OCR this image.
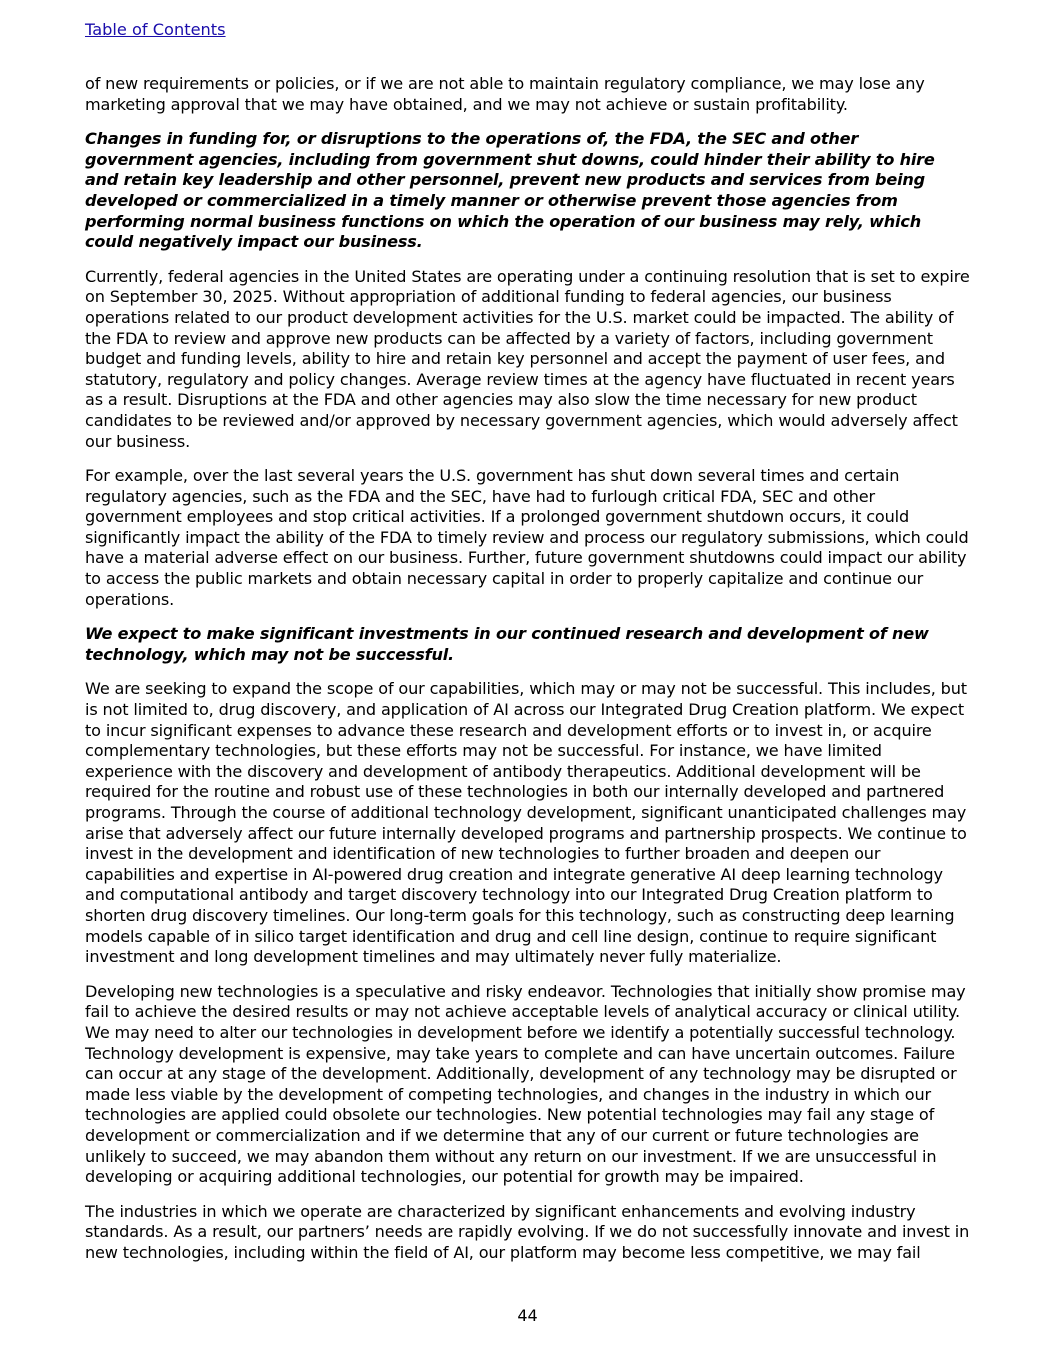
Table of Contents

of new requirements or policies, or if we are not able to maintain regulatory compliance, we may lose any marketing approval that we may have obtained, and we may not achieve or sustain profitability.

Changes in funding for, or disruptions to the operations of, the FDA, the SEC and other government agencies, including from government shut downs, could hinder their ability to hire and retain key leadership and other personnel, prevent new products and services from being developed or commercialized in a timely manner or otherwise prevent those agencies from performing normal business functions on which the operation of our business may rely, which could negatively impact our business.

Currently, federal agencies in the United States are operating under a continuing resolution that is set to expire on September 30, 2025. Without appropriation of additional funding to federal agencies, our business operations related to our product development activities for the U.S. market could be impacted. The ability of the FDA to review and approve new products can be affected by a variety of factors, including government budget and funding levels, ability to hire and retain key personnel and accept the payment of user fees, and statutory, regulatory and policy changes. Average review times at the agency have fluctuated in recent years as a result. Disruptions at the FDA and other agencies may also slow the time necessary for new product candidates to be reviewed and/or approved by necessary government agencies, which would adversely affect our business.

For example, over the last several years the U.S. government has shut down several times and certain regulatory agencies, such as the FDA and the SEC, have had to furlough critical FDA, SEC and other government employees and stop critical activities. If a prolonged government shutdown occurs, it could significantly impact the ability of the FDA to timely review and process our regulatory submissions, which could have a material adverse effect on our business. Further, future government shutdowns could impact our ability to access the public markets and obtain necessary capital in order to properly capitalize and continue our operations.

We expect to make significant investments in our continued research and development of new technology, which may not be successful.

We are seeking to expand the scope of our capabilities, which may or may not be successful. This includes, but is not limited to, drug discovery, and application of AI across our Integrated Drug Creation platform. We expect to incur significant expenses to advance these research and development efforts or to invest in, or acquire complementary technologies, but these efforts may not be successful. For instance, we have limited experience with the discovery and development of antibody therapeutics. Additional development will be required for the routine and robust use of these technologies in both our internally developed and partnered programs. Through the course of additional technology development, significant unanticipated challenges may arise that adversely affect our future internally developed programs and partnership prospects. We continue to invest in the development and identification of new technologies to further broaden and deepen our capabilities and expertise in AI-powered drug creation and integrate generative AI deep learning technology and computational antibody and target discovery technology into our Integrated Drug Creation platform to shorten drug discovery timelines. Our long-term goals for this technology, such as constructing deep learning models capable of in silico target identification and drug and cell line design, continue to require significant investment and long development timelines and may ultimately never fully materialize.

Developing new technologies is a speculative and risky endeavor. Technologies that initially show promise may fail to achieve the desired results or may not achieve acceptable levels of analytical accuracy or clinical utility. We may need to alter our technologies in development before we identify a potentially successful technology. Technology development is expensive, may take years to complete and can have uncertain outcomes. Failure can occur at any stage of the development. Additionally, development of any technology may be disrupted or made less viable by the development of competing technologies, and changes in the industry in which our technologies are applied could obsolete our technologies. New potential technologies may fail any stage of development or commercialization and if we determine that any of our current or future technologies are unlikely to succeed, we may abandon them without any return on our investment. If we are unsuccessful in developing or acquiring additional technologies, our potential for growth may be impaired.

The industries in which we operate are characterized by significant enhancements and evolving industry standards. As a result, our partners’ needs are rapidly evolving. If we do not successfully innovate and invest in new technologies, including within the field of AI, our platform may become less competitive, we may fail

44
